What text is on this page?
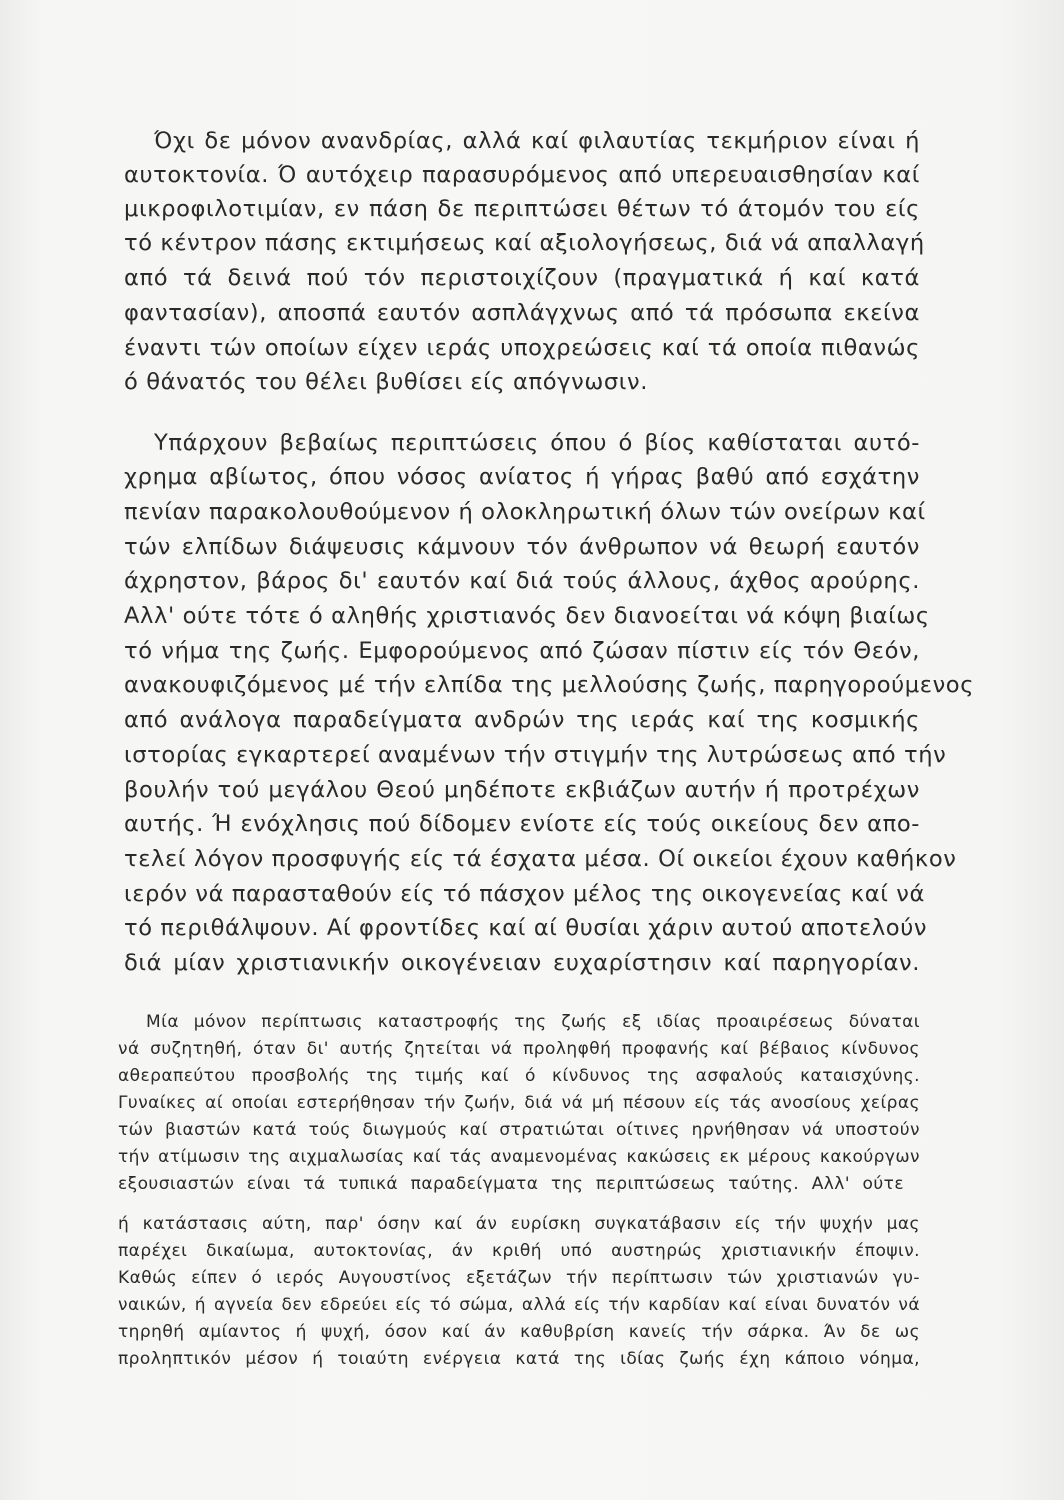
Όχι δε μόνον ανανδρίας, αλλά καί φιλαυτίας τεκμήριον είναι ή
αυτοκτονία. Ό αυτόχειρ παρασυρόμενος από υπερευαισθησίαν καί
μικροφιλοτιμίαν, εν πάση δε περιπτώσει θέτων τό άτομόν του είς
τό κέντρον πάσης εκτιμήσεως καί αξιολογήσεως, διά νά απαλλαγή
από τά δεινά πού τόν περιστοιχίζουν (πραγματικά ή καί κατά
φαντασίαν), αποσπά εαυτόν ασπλάγχνως από τά πρόσωπα εκείνα
έναντι τών οποίων είχεν ιεράς υποχρεώσεις καί τά οποία πιθανώς
ό θάνατός του θέλει βυθίσει είς απόγνωσιν.
Υπάρχουν βεβαίως περιπτώσεις όπου ό βίος καθίσταται αυτό-
χρημα αβίωτος, όπου νόσος ανίατος ή γήρας βαθύ από εσχάτην
πενίαν παρακολουθούμενον ή ολοκληρωτική όλων τών ονείρων καί
τών ελπίδων διάψευσις κάμνουν τόν άνθρωπον νά θεωρή εαυτόν
άχρηστον, βάρος δι' εαυτόν καί διά τούς άλλους, άχθος αρούρης.
Αλλ' ούτε τότε ό αληθής χριστιανός δεν διανοείται νά κόψη βιαίως
τό νήμα της ζωής. Εμφορούμενος από ζώσαν πίστιν είς τόν Θεόν,
ανακουφιζόμενος μέ τήν ελπίδα της μελλούσης ζωής, παρηγορούμενος
από ανάλογα παραδείγματα ανδρών της ιεράς καί της κοσμικής
ιστορίας εγκαρτερεί αναμένων τήν στιγμήν της λυτρώσεως από τήν
βουλήν τού μεγάλου Θεού μηδέποτε εκβιάζων αυτήν ή προτρέχων
αυτής. Ή ενόχλησις πού δίδομεν ενίοτε είς τούς οικείους δεν απο-
τελεί λόγον προσφυγής είς τά έσχατα μέσα. Οί οικείοι έχουν καθήκον
ιερόν νά παρασταθούν είς τό πάσχον μέλος της οικογενείας καί νά
τό περιθάλψουν. Αί φροντίδες καί αί θυσίαι χάριν αυτού αποτελούν
διά μίαν χριστιανικήν οικογένειαν ευχαρίστησιν καί παρηγορίαν.
Μία μόνον περίπτωσις καταστροφής της ζωής εξ ιδίας προαιρέσεως δύναται
νά συζητηθή, όταν δι' αυτής ζητείται νά προληφθή προφανής καί βέβαιος κίνδυνος
αθεραπεύτου προσβολής της τιμής καί ό κίνδυνος της ασφαλούς καταισχύνης.
Γυναίκες αί οποίαι εστερήθησαν τήν ζωήν, διά νά μή πέσουν είς τάς ανοσίους χείρας
τών βιαστών κατά τούς διωγμούς καί στρατιώται οίτινες ηρνήθησαν νά υποστούν
τήν ατίμωσιν της αιχμαλωσίας καί τάς αναμενομένας κακώσεις εκ μέρους κακούργων
εξουσιαστών είναι τά τυπικά παραδείγματα της περιπτώσεως ταύτης. Αλλ' ούτε
ή κατάστασις αύτη, παρ' όσην καί άν ευρίσκη συγκατάβασιν είς τήν ψυχήν μας
παρέχει δικαίωμα, αυτοκτονίας, άν κριθή υπό αυστηρώς χριστιανικήν έποψιν.
Καθώς είπεν ό ιερός Αυγουστίνος εξετάζων τήν περίπτωσιν τών χριστιανών γυ-
ναικών, ή αγνεία δεν εδρεύει είς τό σώμα, αλλά είς τήν καρδίαν καί είναι δυνατόν νά
τηρηθή αμίαντος ή ψυχή, όσον καί άν καθυβρίση κανείς τήν σάρκα. Άν δε ως
προληπτικόν μέσον ή τοιαύτη ενέργεια κατά της ιδίας ζωής έχη κάποιο νόημα,
